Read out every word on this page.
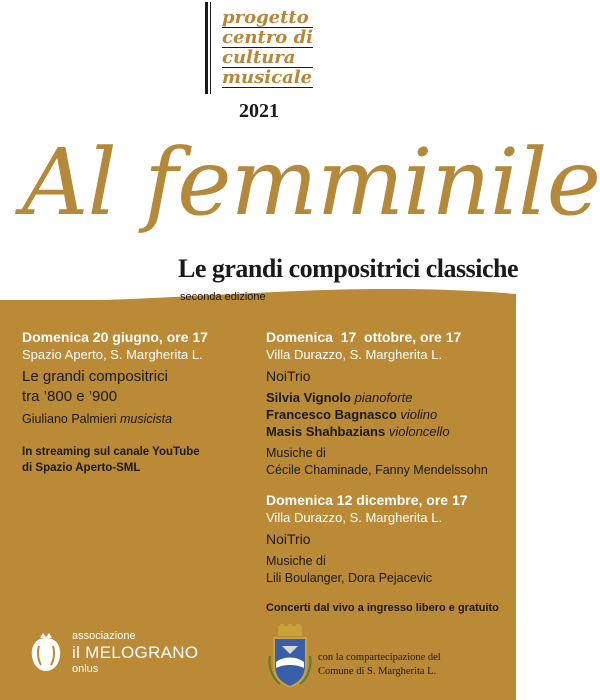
progetto
centro di
cultura
musicale
2021
Al femminile
Le grandi compositrici classiche
seconda edizione
Domenica 20 giugno, ore 17
Spazio Aperto, S. Margherita L.
Le grandi compositrici
tra ’800 e ’900
Giuliano Palmieri musicista
In streaming sul canale YouTube
di Spazio Aperto-SML
Domenica  17  ottobre, ore 17
Villa Durazzo, S. Margherita L.
NoiTrio
Silvia Vignolo pianoforte
Francesco Bagnasco violino
Masis Shahbazians violoncello
Musiche di
Cécile Chaminade, Fanny Mendelssohn
Domenica 12 dicembre, ore 17
Villa Durazzo, S. Margherita L.
NoiTrio
Musiche di
Lili Boulanger, Dora Pejacevic
Concerti dal vivo a ingresso libero e gratuito
associazione
il MELOGRANO
onlus
con la compartecipazione del
Comune di S. Margherita L.
